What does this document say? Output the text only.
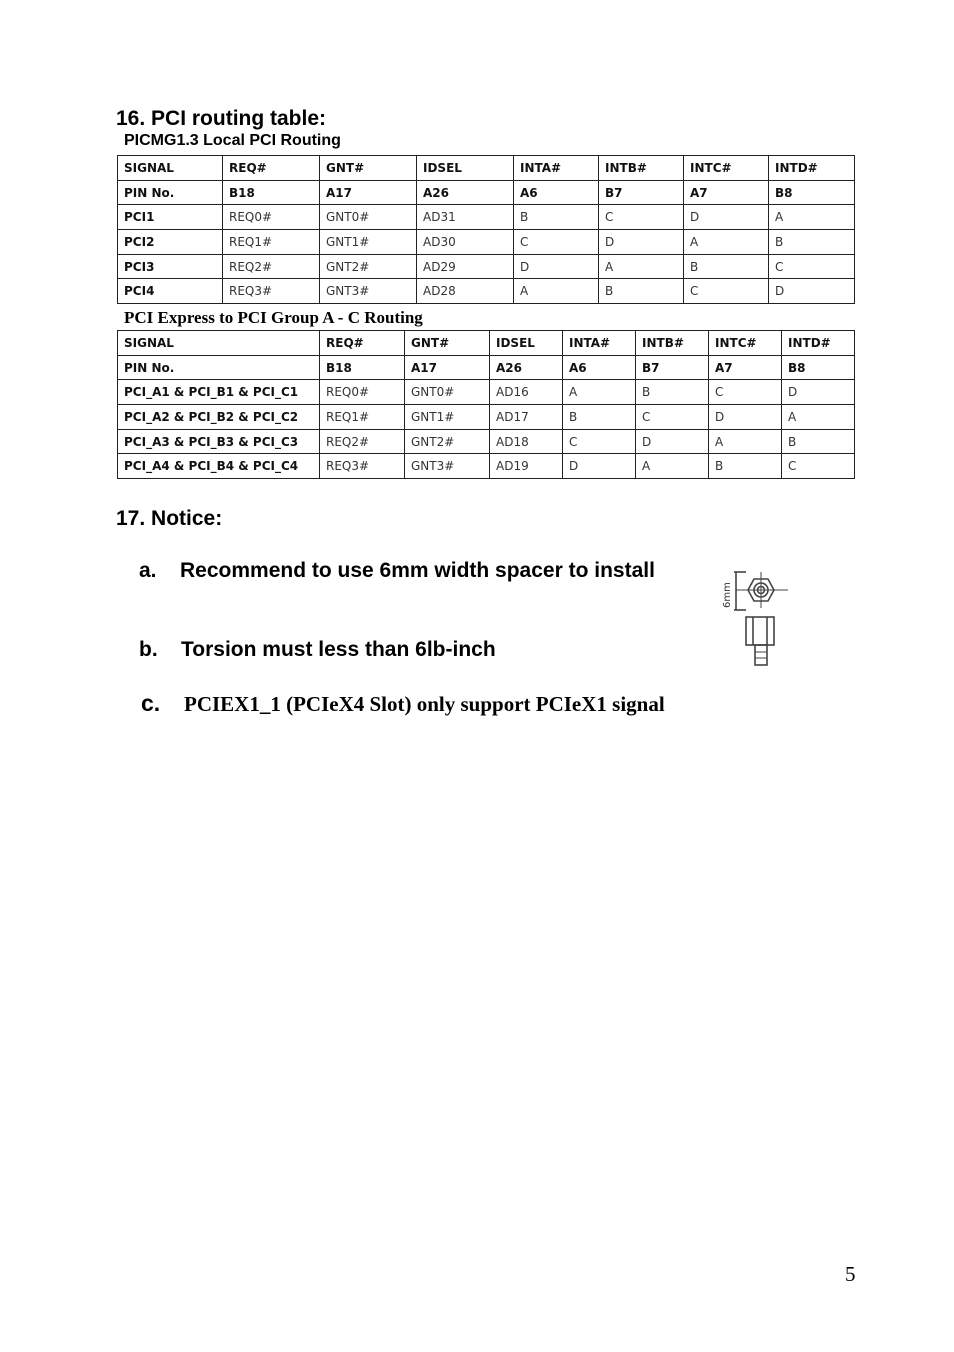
16. PCI routing table:
PICMG1.3 Local PCI Routing
SIGNAL	REQ#	GNT#	IDSEL	INTA#	INTB#	INTC#	INTD#
PIN No.	B18	A17	A26	A6	B7	A7	B8
PCI1	REQ0#	GNT0#	AD31	B	C	D	A
PCI2	REQ1#	GNT1#	AD30	C	D	A	B
PCI3	REQ2#	GNT2#	AD29	D	A	B	C
PCI4	REQ3#	GNT3#	AD28	A	B	C	D
PCI Express to PCI Group A - C Routing
SIGNAL	REQ#	GNT#	IDSEL	INTA#	INTB#	INTC#	INTD#
PIN No.	B18	A17	A26	A6	B7	A7	B8
PCI_A1 & PCI_B1 & PCI_C1	REQ0#	GNT0#	AD16	A	B	C	D
PCI_A2 & PCI_B2 & PCI_C2	REQ1#	GNT1#	AD17	B	C	D	A
PCI_A3 & PCI_B3 & PCI_C3	REQ2#	GNT2#	AD18	C	D	A	B
PCI_A4 & PCI_B4 & PCI_C4	REQ3#	GNT3#	AD19	D	A	B	C
17. Notice:
a. Recommend to use 6mm width spacer to install
b. Torsion must less than 6lb-inch
c. PCIEX1_1 (PCIeX4 Slot) only support PCIeX1 signal
6mm
5
